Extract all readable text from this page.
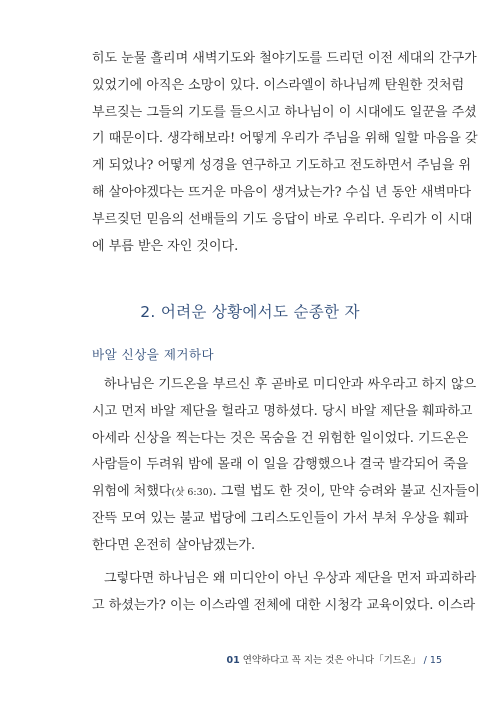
히도 눈물 흘리며 새벽기도와 철야기도를 드리던 이전 세대의 간구가
있었기에 아직은 소망이 있다. 이스라엘이 하나님께 탄원한 것처럼
부르짖는 그들의 기도를 들으시고 하나님이 이 시대에도 일꾼을 주셨
기 때문이다. 생각해보라! 어떻게 우리가 주님을 위해 일할 마음을 갖
게 되었나? 어떻게 성경을 연구하고 기도하고 전도하면서 주님을 위
해 살아야겠다는 뜨거운 마음이 생겨났는가? 수십 년 동안 새벽마다
부르짖던 믿음의 선배들의 기도 응답이 바로 우리다. 우리가 이 시대
에 부름 받은 자인 것이다.
2. 어려운 상황에서도 순종한 자
바알 신상을 제거하다
하나님은 기드온을 부르신 후 곧바로 미디안과 싸우라고 하지 않으
시고 먼저 바알 제단을 헐라고 명하셨다. 당시 바알 제단을 훼파하고
아세라 신상을 찍는다는 것은 목숨을 건 위험한 일이었다. 기드온은
사람들이 두려워 밤에 몰래 이 일을 감행했으나 결국 발각되어 죽을
위험에 처했다(삿 6:30). 그럴 법도 한 것이, 만약 승려와 불교 신자들이
잔뜩 모여 있는 불교 법당에 그리스도인들이 가서 부처 우상을 훼파
한다면 온전히 살아남겠는가.
그렇다면 하나님은 왜 미디안이 아닌 우상과 제단을 먼저 파괴하라
고 하셨는가? 이는 이스라엘 전체에 대한 시청각 교육이었다. 이스라
01 연약하다고 꼭 지는 것은 아니다「기드온」 / 15
